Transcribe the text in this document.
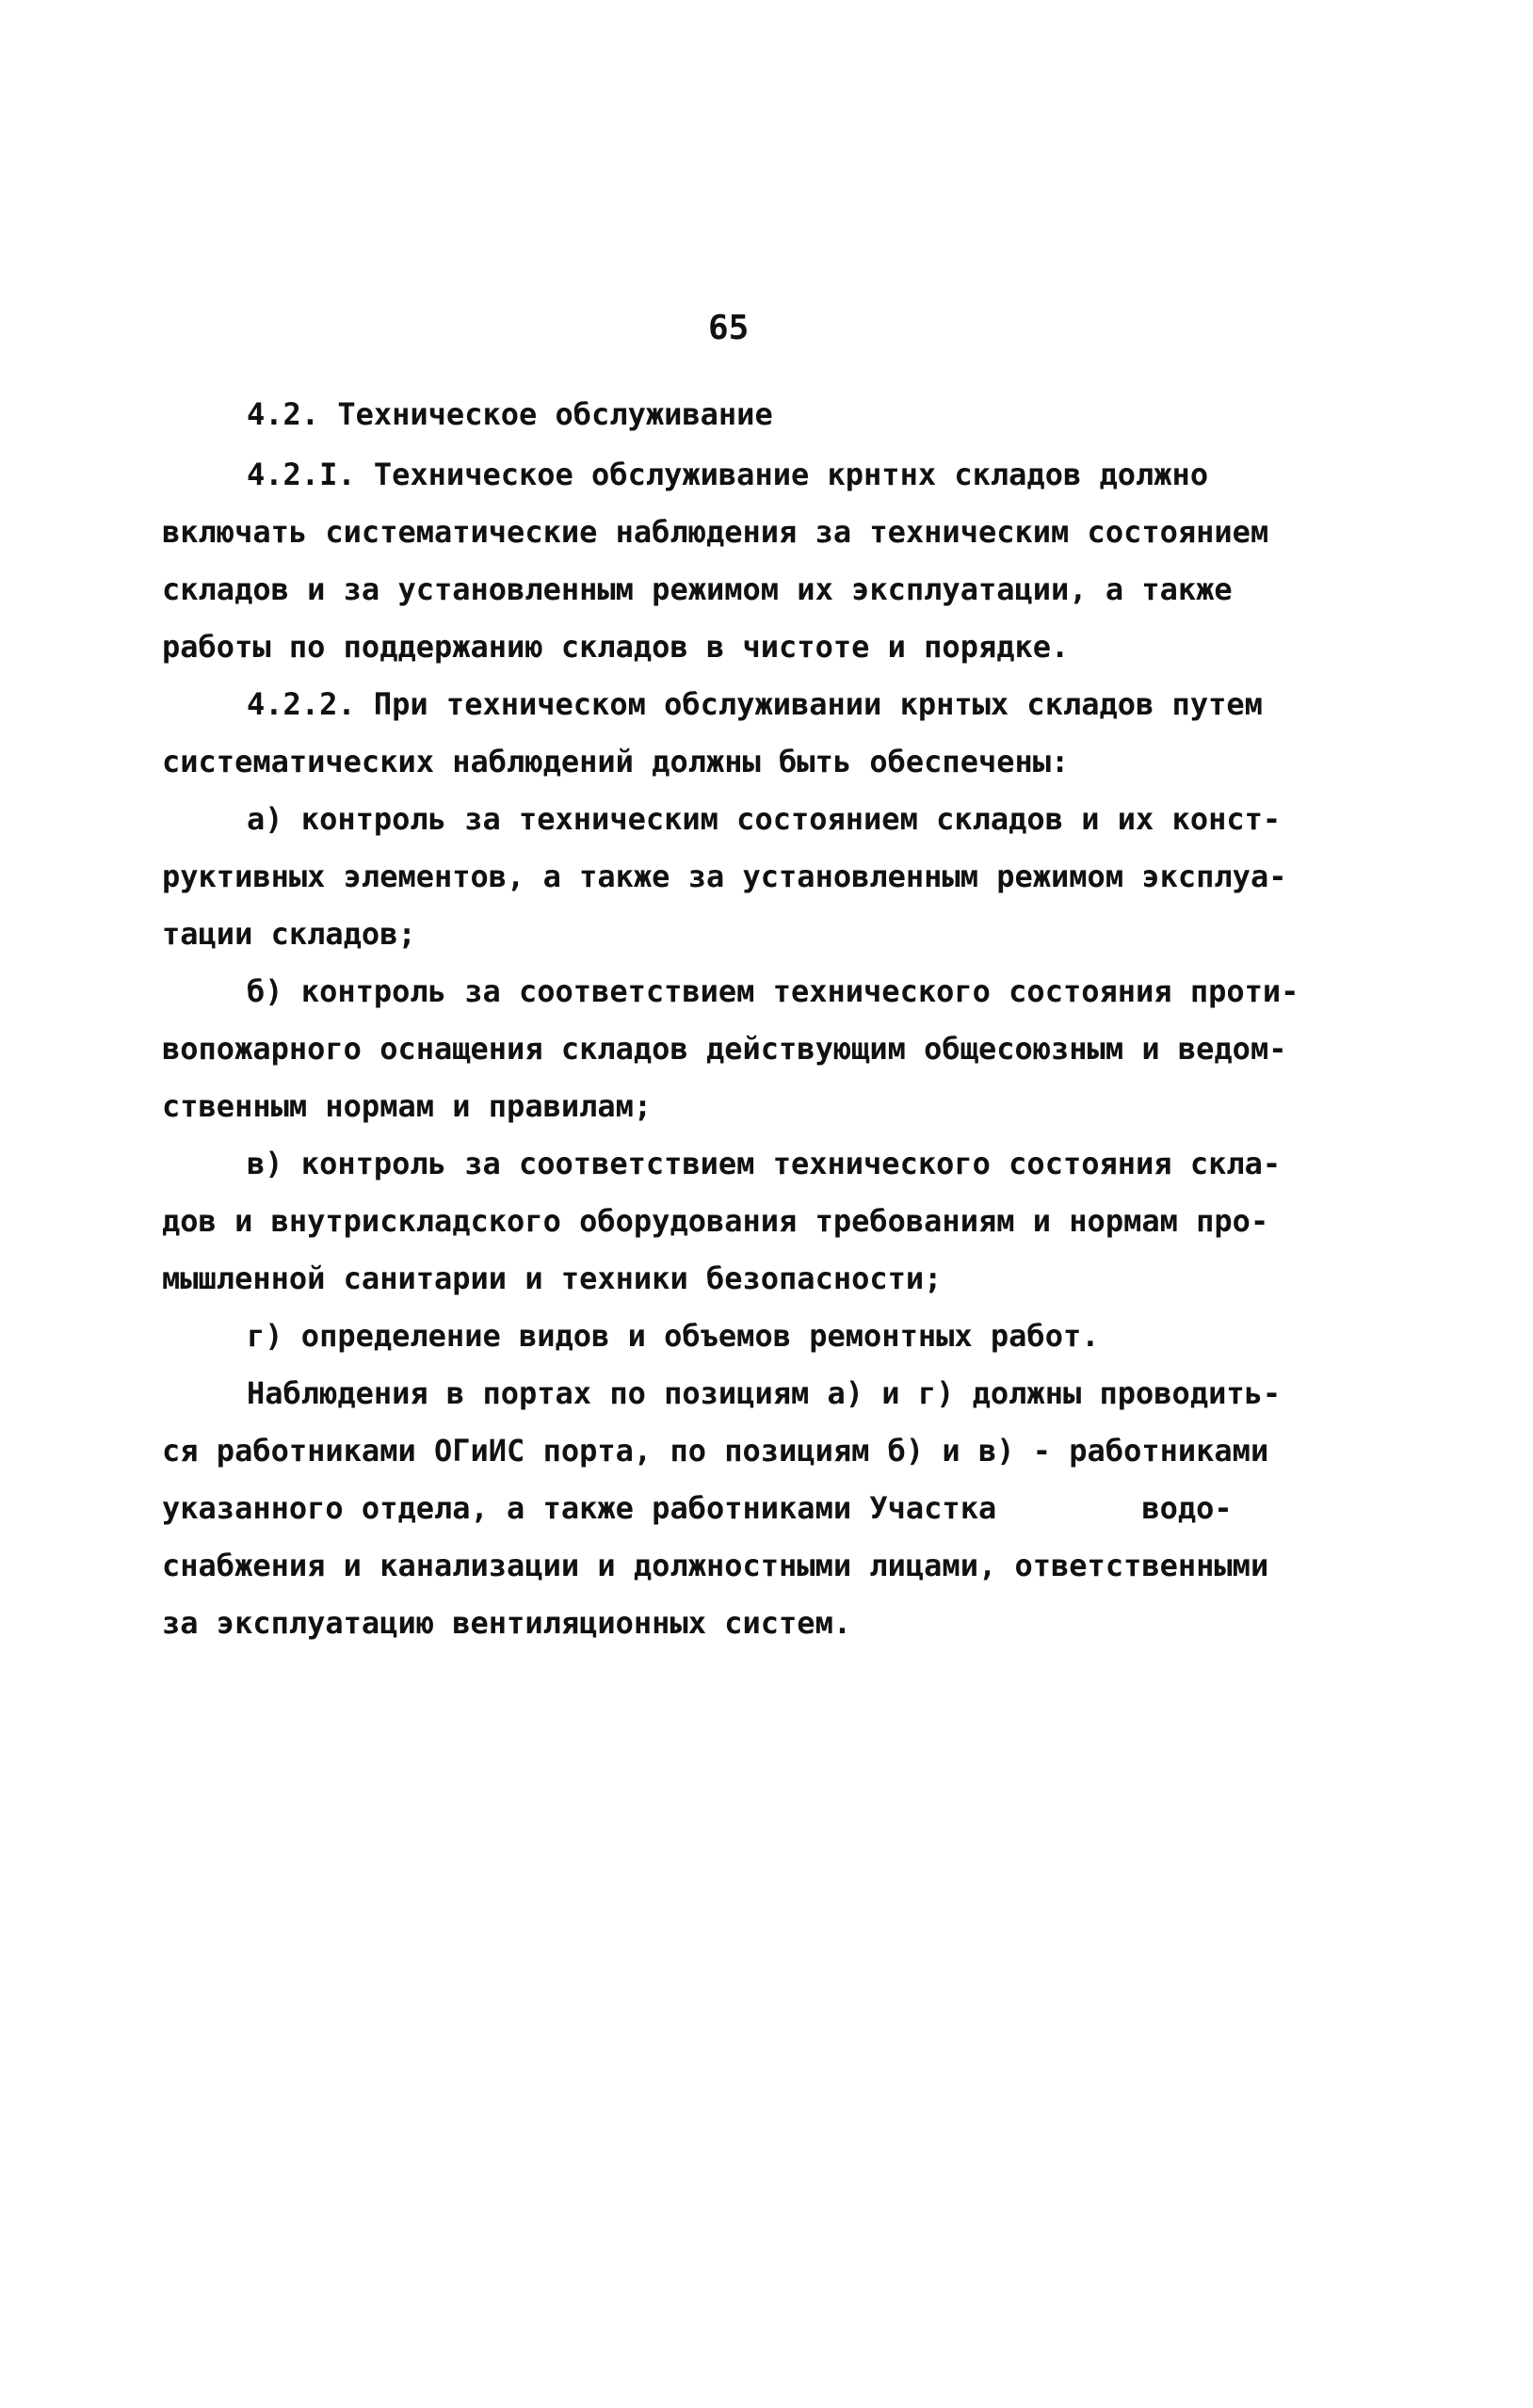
65
4.2. Техническое обслуживание
4.2.I. Техническое обслуживание крнтнх складов должно
включать систематические наблюдения за техническим состоянием
складов и за установленным режимом их эксплуатации, а также
работы по поддержанию складов в чистоте и порядке.
4.2.2. При техническом обслуживании крнтых складов путем
систематических наблюдений должны быть обеспечены:
а) контроль за техническим состоянием складов и их конст-
руктивных элементов, а также за установленным режимом эксплуа-
тации складов;
б) контроль за соответствием технического состояния проти-
вопожарного оснащения складов действующим общесоюзным и ведом-
ственным нормам и правилам;
в) контроль за соответствием технического состояния скла-
дов и внутрискладского оборудования требованиям и нормам про-
мышленной санитарии и техники безопасности;
г) определение видов и объемов ремонтных работ.
Наблюдения в портах по позициям а) и г) должны проводить-
ся работниками ОГиИС порта, по позициям б) и в) - работниками
указанного отдела, а также работниками Участка        водо-
снабжения и канализации и должностными лицами, ответственными
за эксплуатацию вентиляционных систем.
